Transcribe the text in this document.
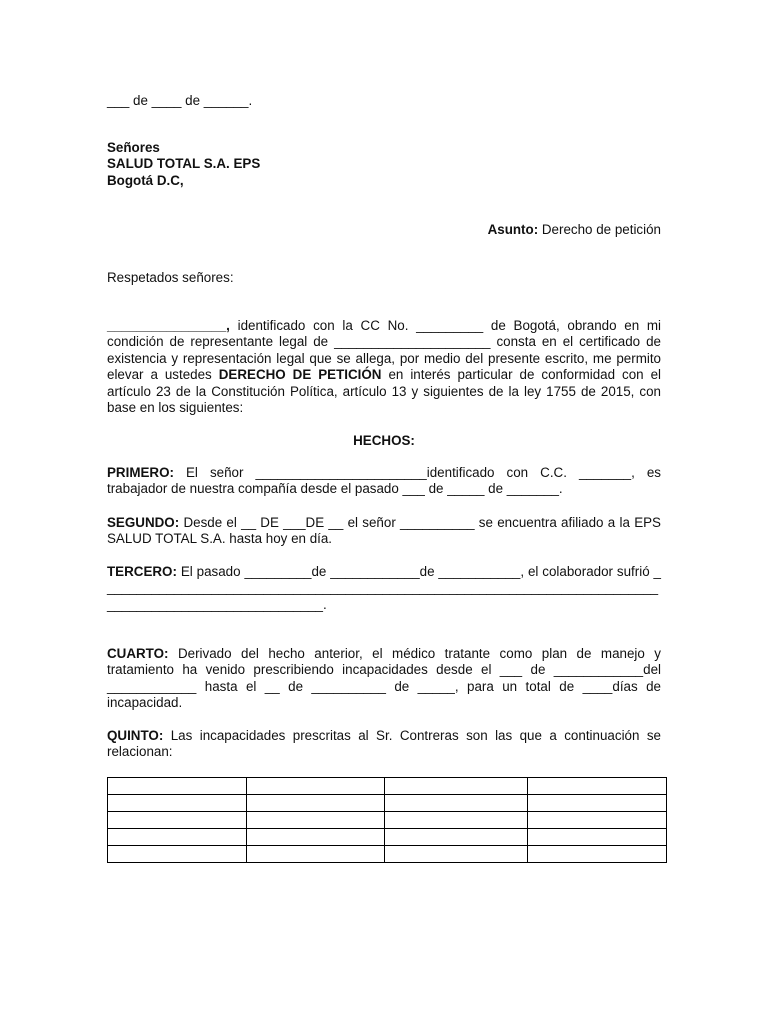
___ de ____ de ______.

Señores
SALUD TOTAL S.A. EPS
Bogotá D.C,

Asunto: Derecho de petición

Respetados señores:

________________, identificado con la CC No. _________ de Bogotá, obrando en mi condición de representante legal de _____________________ consta en el certificado de existencia y representación legal que se allega, por medio del presente escrito, me permito elevar a ustedes DERECHO DE PETICIÓN en interés particular de conformidad con el artículo 23 de la Constitución Política, artículo 13 y siguientes de la ley 1755 de 2015, con base en los siguientes:

HECHOS:

PRIMERO: El señor _______________________identificado con C.C. _______, es trabajador de nuestra compañía desde el pasado ___ de _____ de _______.

SEGUNDO: Desde el __ DE ___DE __ el señor __________ se encuentra afiliado a la EPS SALUD TOTAL S.A. hasta hoy en día.

TERCERO: El pasado _________de ____________de ___________, el colaborador sufrió ________________________________________________________________________________________________________.

CUARTO: Derivado del hecho anterior, el médico tratante como plan de manejo y tratamiento ha venido prescribiendo incapacidades desde el ___ de ____________del ____________ hasta el __ de __________ de _____, para un total de ____días de incapacidad.

QUINTO: Las incapacidades prescritas al Sr. Contreras son las que a continuación se relacionan:
